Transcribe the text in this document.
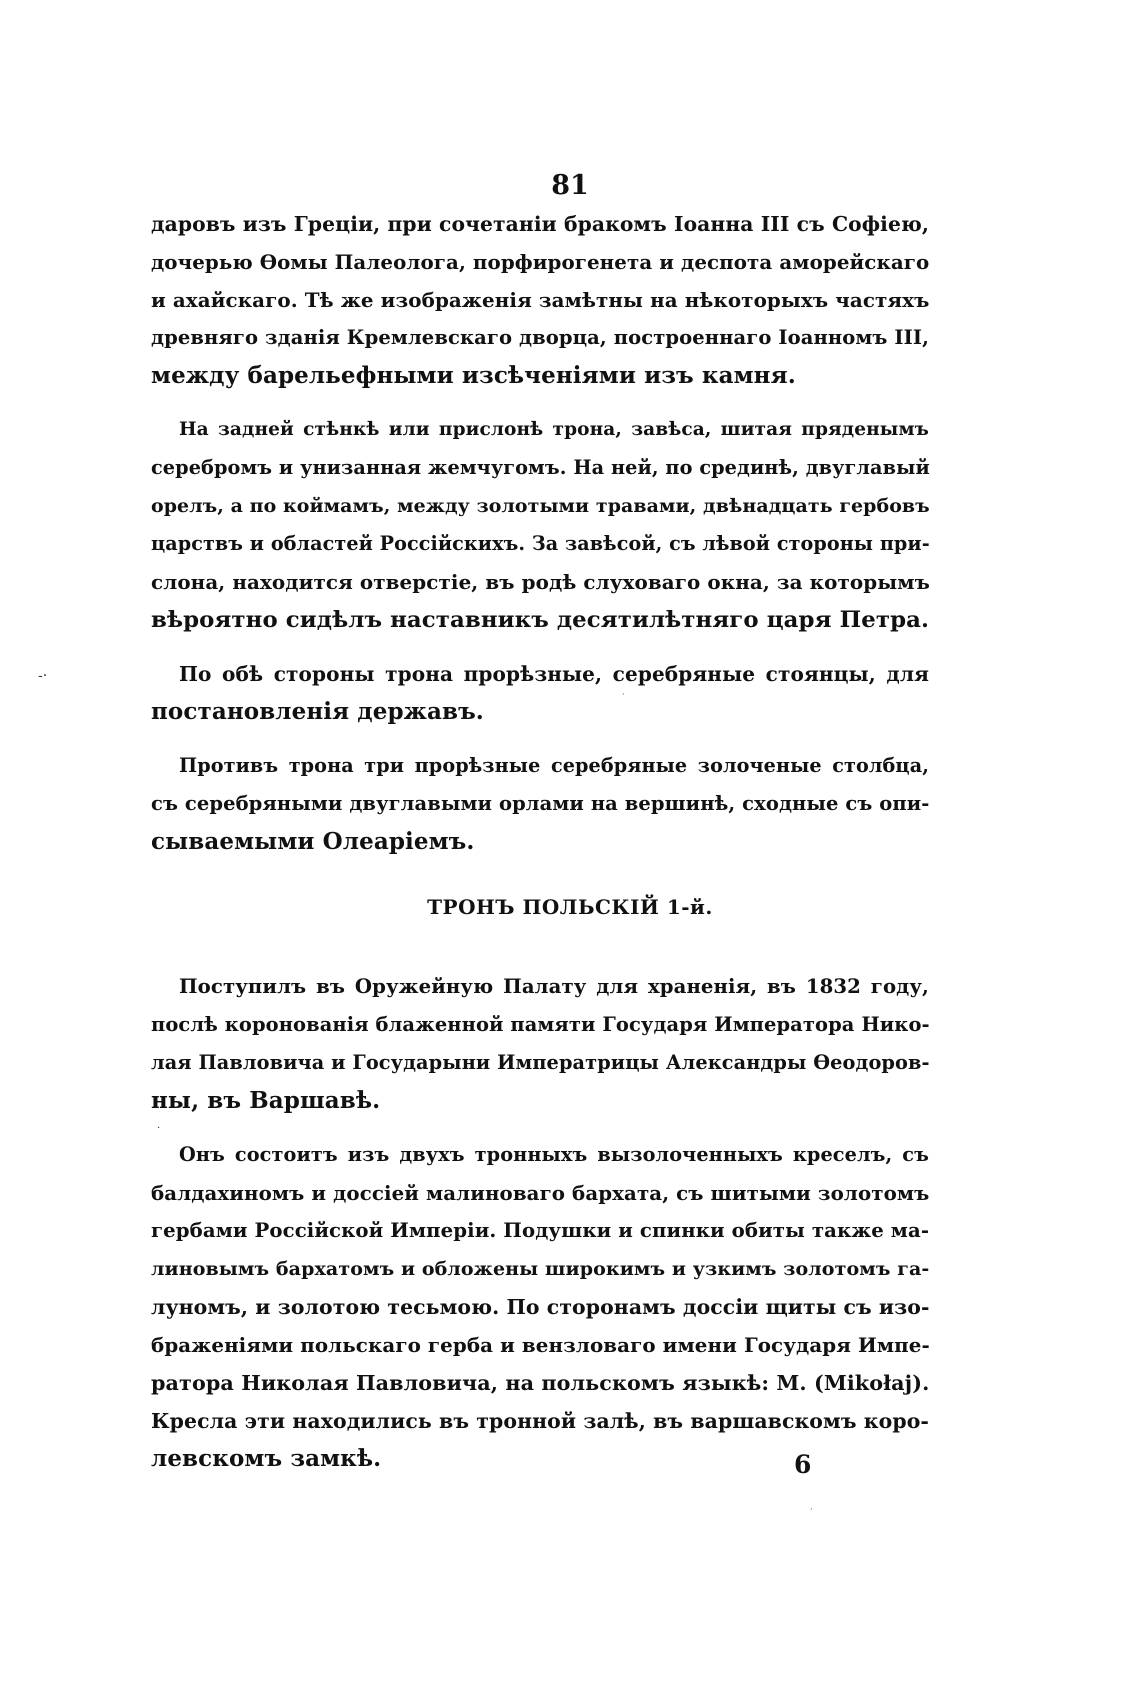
81
даровъ изъ Греціи, при сочетаніи бракомъ Іоанна III съ Софіею,
дочерью Ѳомы Палеолога, порфирогенета и деспота аморейскаго
и ахайскаго. Тѣ же изображенія замѣтны на нѣкоторыхъ частяхъ
древняго зданія Кремлевскаго дворца, построеннаго Іоанномъ III,
между барельефными изсѣченіями изъ камня.
На задней стѣнкѣ или прислонѣ трона, завѣса, шитая пряденымъ
серебромъ и унизанная жемчугомъ. На ней, по срединѣ, двуглавый
орелъ, а по коймамъ, между золотыми травами, двѣнадцать гербовъ
царствъ и областей Россійскихъ. За завѣсой, съ лѣвой стороны при-
слона, находится отверстіе, въ родѣ слуховаго окна, за которымъ
вѣроятно сидѣлъ наставникъ десятилѣтняго царя Петра.
По обѣ стороны трона прорѣзные, серебряные стоянцы, для
постановленія державъ.
Противъ трона три прорѣзные серебряные золоченые столбца,
съ серебряными двуглавыми орлами на вершинѣ, сходные съ опи-
сываемыми Олеаріемъ.
ТРОНЪ ПОЛЬСКІЙ 1-й.
Поступилъ въ Оружейную Палату для храненія, въ 1832 году,
послѣ коронованія блаженной памяти Государя Императора Нико-
лая Павловича и Государыни Императрицы Александры Ѳеодоров-
ны, въ Варшавѣ.
Онъ состоитъ изъ двухъ тронныхъ вызолоченныхъ креселъ, съ
балдахиномъ и доссіей малиноваго бархата, съ шитыми золотомъ
гербами Россійской Имперіи. Подушки и спинки обиты также ма-
линовымъ бархатомъ и обложены широкимъ и узкимъ золотомъ га-
луномъ, и золотою тесьмою. По сторонамъ доссіи щиты съ изо-
браженіями польскаго герба и вензловаго имени Государя Импе-
ратора Николая Павловича, на польскомъ языкѣ: M. (Mikołaj).
Кресла эти находились въ тронной залѣ, въ варшавскомъ коро-
левскомъ замкѣ.	6
-·
·
·
·
